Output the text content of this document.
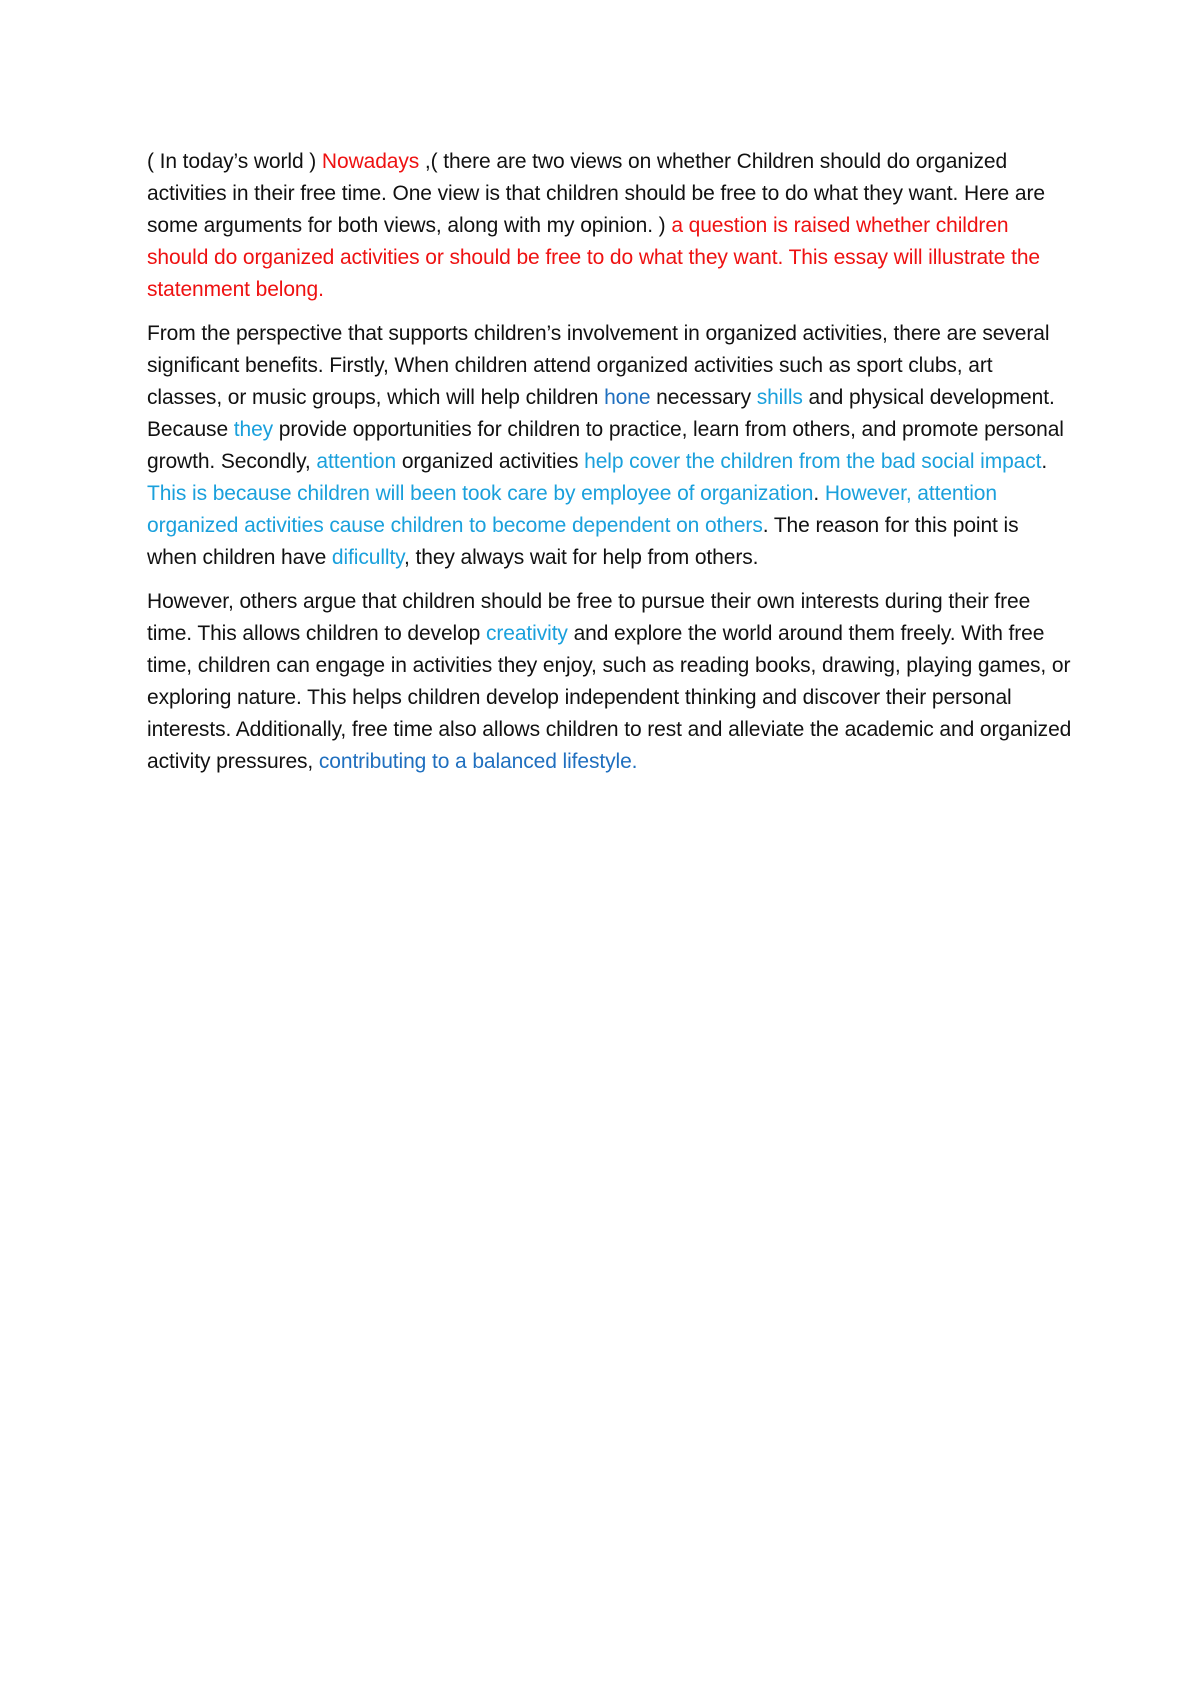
( In today’s world ) Nowadays ,( there are two views on whether Children should do organized activities in their free time. One view is that children should be free to do what they want. Here are some arguments for both views, along with my opinion. ) a question is raised whether children should do organized activities or should be free to do what they want. This essay will illustrate the statenment belong.

From the perspective that supports children’s involvement in organized activities, there are several significant benefits. Firstly, When children attend organized activities such as sport clubs, art classes, or music groups, which will help children hone necessary shills and physical development. Because they provide opportunities for children to practice, learn from others, and promote personal growth. Secondly, attention organized activities help cover the children from the bad social impact. This is because children will been took care by employee of organization. However, attention organized activities cause children to become dependent on others. The reason for this point is when children have dificullty, they always wait for help from others.

However, others argue that children should be free to pursue their own interests during their free time. This allows children to develop creativity and explore the world around them freely. With free time, children can engage in activities they enjoy, such as reading books, drawing, playing games, or exploring nature. This helps children develop independent thinking and discover their personal interests. Additionally, free time also allows children to rest and alleviate the academic and organized activity pressures, contributing to a balanced lifestyle.
